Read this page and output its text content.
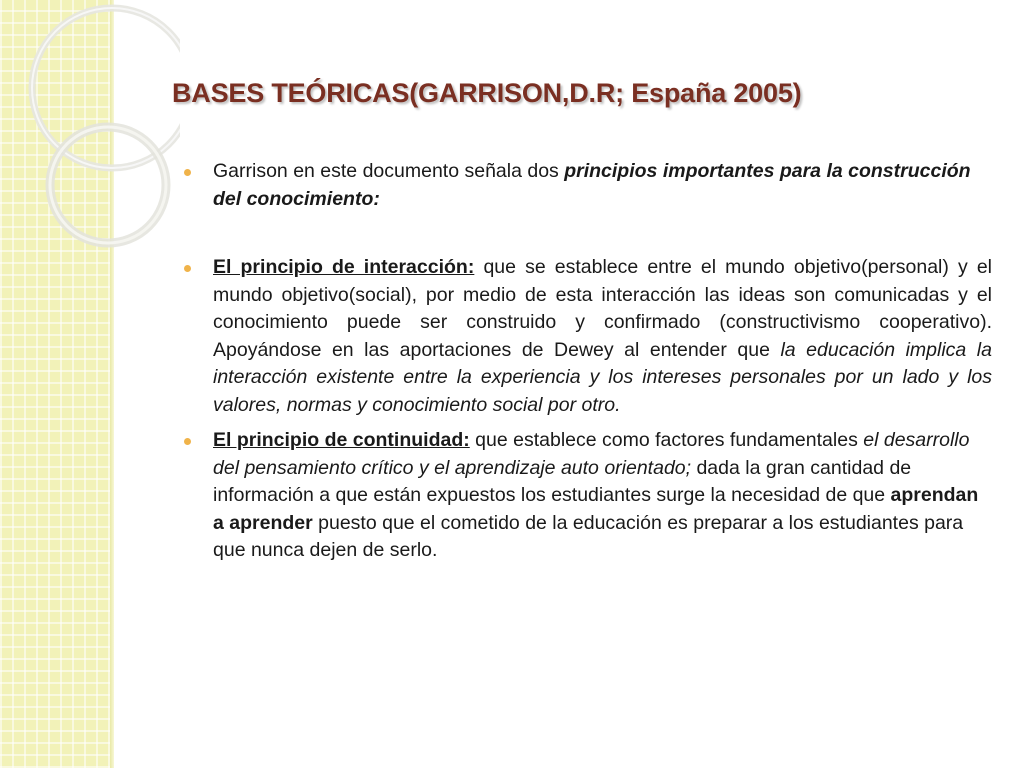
BASES TEÓRICAS(GARRISON,D.R; España 2005)
Garrison en este documento señala dos principios importantes para la construcción del conocimiento:
El principio de interacción: que se establece entre el mundo objetivo(personal) y el mundo objetivo(social), por medio de esta interacción las ideas son comunicadas y el conocimiento puede ser construido y confirmado (constructivismo cooperativo). Apoyándose en las aportaciones de Dewey al entender que la educación implica la interacción existente entre la experiencia y los intereses personales por un lado y los valores, normas y conocimiento social por otro.
El principio de continuidad: que establece como factores fundamentales el desarrollo del pensamiento crítico y el aprendizaje auto orientado; dada la gran cantidad de información a que están expuestos los estudiantes surge la necesidad de que aprendan a aprender puesto que el cometido de la educación es preparar a los estudiantes para que nunca dejen de serlo.
